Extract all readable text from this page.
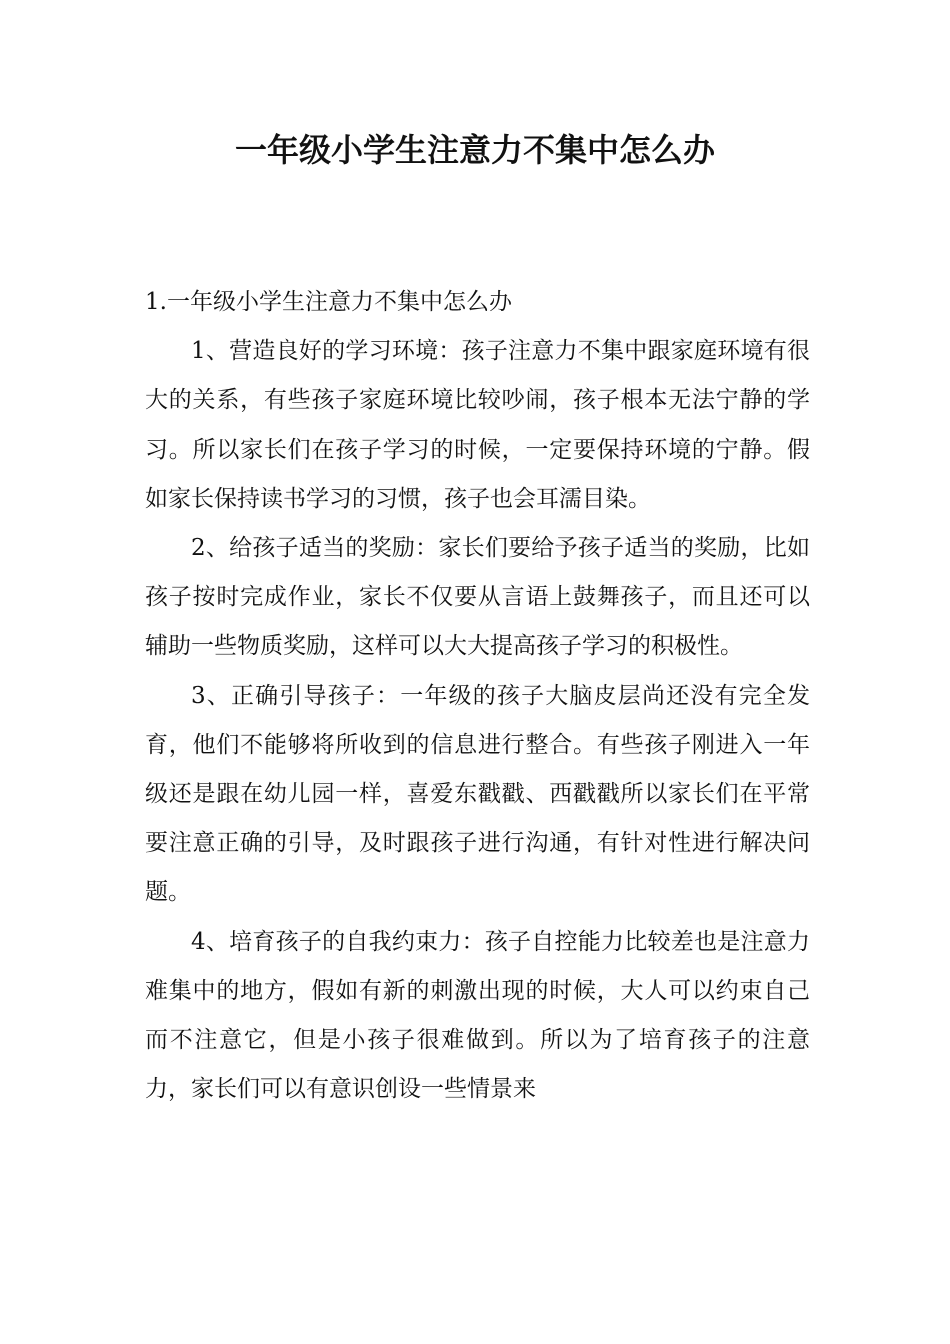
一年级小学生注意力不集中怎么办

1.一年级小学生注意力不集中怎么办

1、营造良好的学习环境：孩子注意力不集中跟家庭环境有很大的关系，有些孩子家庭环境比较吵闹，孩子根本无法宁静的学习。所以家长们在孩子学习的时候，一定要保持环境的宁静。假如家长保持读书学习的习惯，孩子也会耳濡目染。

2、给孩子适当的奖励：家长们要给予孩子适当的奖励，比如孩子按时完成作业，家长不仅要从言语上鼓舞孩子，而且还可以辅助一些物质奖励，这样可以大大提高孩子学习的积极性。

3、正确引导孩子：一年级的孩子大脑皮层尚还没有完全发育，他们不能够将所收到的信息进行整合。有些孩子刚进入一年级还是跟在幼儿园一样，喜爱东戳戳、西戳戳所以家长们在平常要注意正确的引导，及时跟孩子进行沟通，有针对性进行解决问题。

4、培育孩子的自我约束力：孩子自控能力比较差也是注意力难集中的地方，假如有新的刺激出现的时候，大人可以约束自己而不注意它，但是小孩子很难做到。所以为了培育孩子的注意力，家长们可以有意识创设一些情景来
